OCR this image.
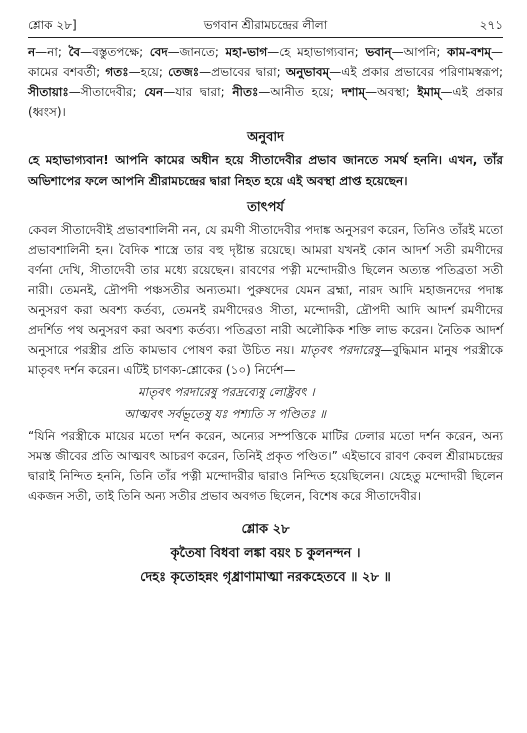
শ্লোক ২৮]	ভগবান শ্রীরামচন্দ্রের লীলা	২৭১

ন—না; বৈ—বস্তুতপক্ষে; বেদ—জানতে; মহা-ভাগ—হে মহাভাগ্যবান; ভবান্—আপনি; কাম-বশম্—কামের বশবর্তী; গতঃ—হয়ে; তেজঃ—প্রভাবের দ্বারা; অনুভাবম্—এই প্রকার প্রভাবের পরিণামস্বরূপ; সীতায়াঃ—সীতাদেবীর; যেন—যার দ্বারা; নীতঃ—আনীত হয়ে; দশাম্—অবস্থা; ইমাম্—এই প্রকার (ধ্বংস)।

অনুবাদ

হে মহাভাগ্যবান! আপনি কামের অধীন হয়ে সীতাদেবীর প্রভাব জানতে সমর্থ হননি। এখন, তাঁর অভিশাপের ফলে আপনি শ্রীরামচন্দ্রের দ্বারা নিহত হয়ে এই অবস্থা প্রাপ্ত হয়েছেন।

তাৎপর্য

কেবল সীতাদেবীই প্রভাবশালিনী নন, যে রমণী সীতাদেবীর পদাঙ্ক অনুসরণ করেন, তিনিও তাঁরই মতো প্রভাবশালিনী হন। বৈদিক শাস্ত্রে তার বহু দৃষ্টান্ত রয়েছে। আমরা যখনই কোন আদর্শ সতী রমণীদের বর্ণনা দেখি, সীতাদেবী তার মধ্যে রয়েছেন। রাবণের পত্নী মন্দোদরীও ছিলেন অত্যন্ত পতিব্রতা সতী নারী। তেমনই, দ্রৌপদী পঞ্চসতীর অন্যতমা। পুরুষদের যেমন ব্রহ্মা, নারদ আদি মহাজনদের পদাঙ্ক অনুসরণ করা অবশ্য কর্তব্য, তেমনই রমণীদেরও সীতা, মন্দোদরী, দ্রৌপদী আদি আদর্শ রমণীদের প্রদর্শিত পথ অনুসরণ করা অবশ্য কর্তব্য। পতিব্রতা নারী অলৌকিক শক্তি লাভ করেন। নৈতিক আদর্শ অনুসারে পরস্ত্রীর প্রতি কামভাব পোষণ করা উচিত নয়। মাতৃবৎ পরদারেষু—বুদ্ধিমান মানুষ পরস্ত্রীকে মাতৃবৎ দর্শন করেন। এটিই চাণক্য-শ্লোকের (১০) নির্দেশ—

মাতৃবৎ পরদারেষু পরদ্রব্যেষু লোষ্ট্রবৎ ।
আত্মবৎ সর্বভূতেষু যঃ পশ্যতি স পণ্ডিতঃ ॥

“যিনি পরস্ত্রীকে মায়ের মতো দর্শন করেন, অন্যের সম্পত্তিকে মাটির ঢেলার মতো দর্শন করেন, অন্য সমস্ত জীবের প্রতি আত্মবৎ আচরণ করেন, তিনিই প্রকৃত পণ্ডিত।” এইভাবে রাবণ কেবল শ্রীরামচন্দ্রের দ্বারাই নিন্দিত হননি, তিনি তাঁর পত্নী মন্দোদরীর দ্বারাও নিন্দিত হয়েছিলেন। যেহেতু মন্দোদরী ছিলেন একজন সতী, তাই তিনি অন্য সতীর প্রভাব অবগত ছিলেন, বিশেষ করে সীতাদেবীর।

শ্লোক ২৮
কৃতৈষা বিধবা লঙ্কা বয়ং চ কুলনন্দন ।
দেহঃ কৃতোহন্নং গৃধ্রাণামাত্মা নরকহেতবে ॥ ২৮ ॥
